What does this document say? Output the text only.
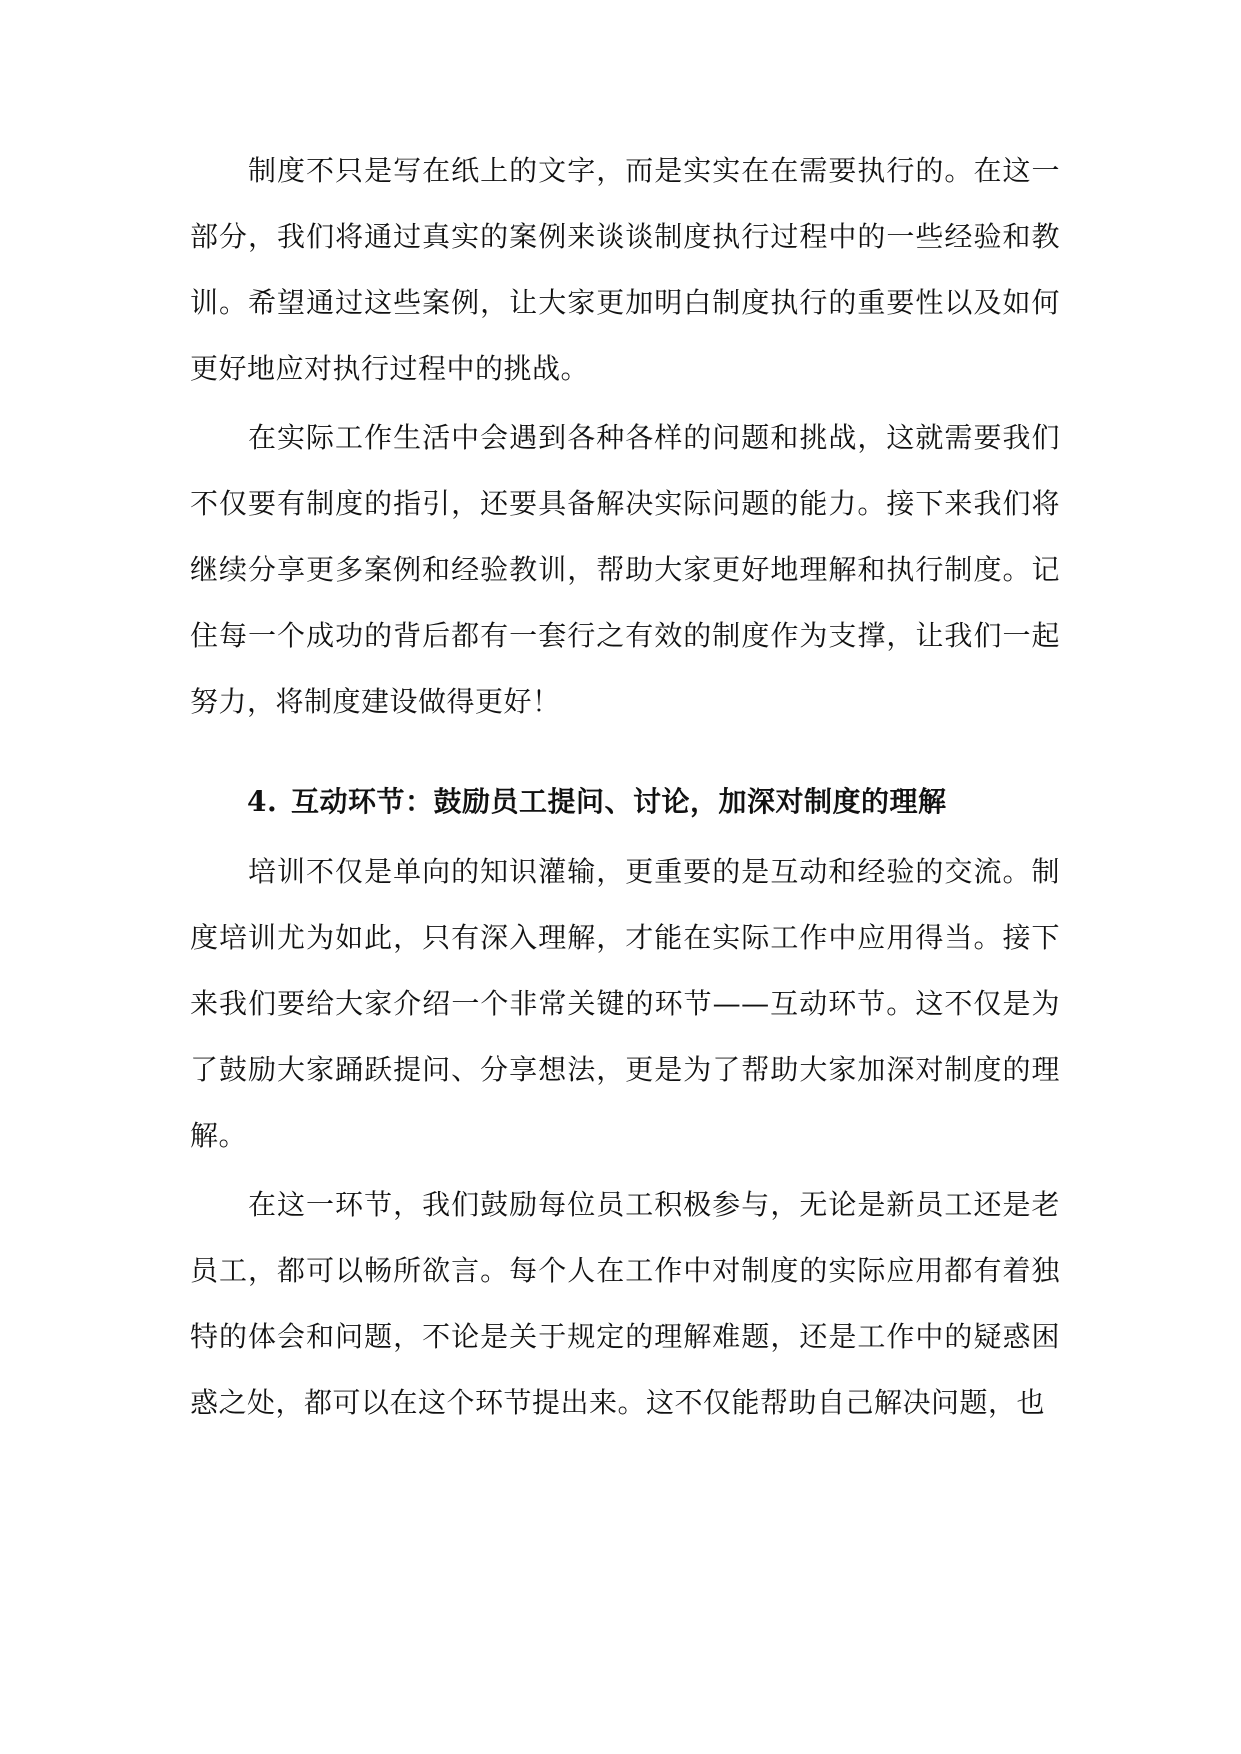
制度不只是写在纸上的文字，而是实实在在需要执行的。在这一部分，我们将通过真实的案例来谈谈制度执行过程中的一些经验和教训。希望通过这些案例，让大家更加明白制度执行的重要性以及如何更好地应对执行过程中的挑战。

在实际工作生活中会遇到各种各样的问题和挑战，这就需要我们不仅要有制度的指引，还要具备解决实际问题的能力。接下来我们将继续分享更多案例和经验教训，帮助大家更好地理解和执行制度。记住每一个成功的背后都有一套行之有效的制度作为支撑，让我们一起努力，将制度建设做得更好！

4. 互动环节：鼓励员工提问、讨论，加深对制度的理解

培训不仅是单向的知识灌输，更重要的是互动和经验的交流。制度培训尤为如此，只有深入理解，才能在实际工作中应用得当。接下来我们要给大家介绍一个非常关键的环节——互动环节。这不仅是为了鼓励大家踊跃提问、分享想法，更是为了帮助大家加深对制度的理解。

在这一环节，我们鼓励每位员工积极参与，无论是新员工还是老员工，都可以畅所欲言。每个人在工作中对制度的实际应用都有着独特的体会和问题，不论是关于规定的理解难题，还是工作中的疑惑困惑之处，都可以在这个环节提出来。这不仅能帮助自己解决问题，也
